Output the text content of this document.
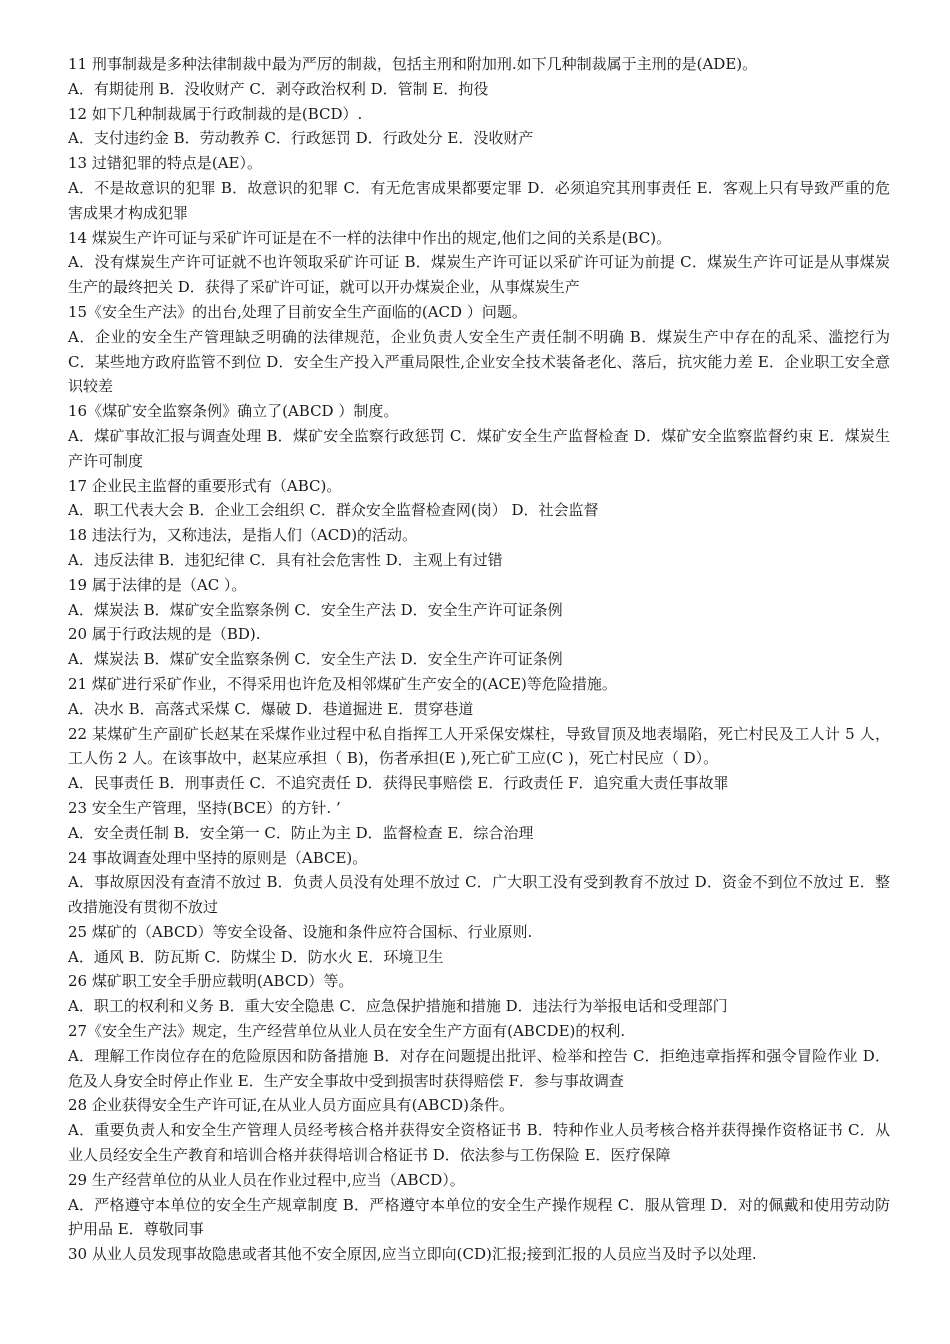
11 刑事制裁是多种法律制裁中最为严厉的制裁，包括主刑和附加刑.如下几种制裁属于主刑的是(ADE)。

A．有期徒刑 B．没收财产 C．剥夺政治权利 D．管制 E．拘役

12 如下几种制裁属于行政制裁的是(BCD）.

A．支付违约金 B．劳动教养 C．行政惩罚 D．行政处分 E．没收财产

13 过错犯罪的特点是(AE）。

A．不是故意识的犯罪 B．故意识的犯罪 C．有无危害成果都要定罪 D．必须追究其刑事责任 E．客观上只有导致严重的危害成果才构成犯罪

14 煤炭生产许可证与采矿许可证是在不一样的法律中作出的规定,他们之间的关系是(BC)。

A．没有煤炭生产许可证就不也许领取采矿许可证 B．煤炭生产许可证以采矿许可证为前提 C．煤炭生产许可证是从事煤炭生产的最终把关 D．获得了采矿许可证，就可以开办煤炭企业，从事煤炭生产

15《安全生产法》的出台,处理了目前安全生产面临的(ACD ）问题。

A．企业的安全生产管理缺乏明确的法律规范，企业负责人安全生产责任制不明确 B．煤炭生产中存在的乱采、滥挖行为 C．某些地方政府监管不到位 D．安全生产投入严重局限性,企业安全技术装备老化、落后，抗灾能力差 E．企业职工安全意识较差

16《煤矿安全监察条例》确立了(ABCD ）制度。

A．煤矿事故汇报与调查处理 B．煤矿安全监察行政惩罚 C．煤矿安全生产监督检查 D．煤矿安全监察监督约束 E．煤炭生产许可制度

17 企业民主监督的重要形式有（ABC)。

A．职工代表大会 B．企业工会组织 C．群众安全监督检查网(岗） D．社会监督

18 违法行为，又称违法，是指人们（ACD)的活动。

A．违反法律 B．违犯纪律 C．具有社会危害性 D．主观上有过错

19 属于法律的是（AC ）。

A．煤炭法 B．煤矿安全监察条例 C．安全生产法 D．安全生产许可证条例

20 属于行政法规的是（BD).

A．煤炭法 B．煤矿安全监察条例 C．安全生产法 D．安全生产许可证条例

21 煤矿进行采矿作业，不得采用也许危及相邻煤矿生产安全的(ACE)等危险措施。

A．决水 B．高落式采煤 C．爆破 D．巷道掘进 E．贯穿巷道

22 某煤矿生产副矿长赵某在采煤作业过程中私自指挥工人开采保安煤柱，导致冒顶及地表塌陷，死亡村民及工人计 5 人，工人伤 2 人。在该事故中，赵某应承担（ B)，伤者承担(E ),死亡矿工应(C )，死亡村民应（ D）。

A．民事责任 B．刑事责任 C．不追究责任 D．获得民事赔偿 E．行政责任 F．追究重大责任事故罪

23 安全生产管理，坚持(BCE）的方针. ’

A．安全责任制 B．安全第一 C．防止为主 D．监督检查 E．综合治理

24 事故调查处理中坚持的原则是（ABCE)。

A．事故原因没有查清不放过 B．负责人员没有处理不放过 C．广大职工没有受到教育不放过 D．资金不到位不放过 E．整改措施没有贯彻不放过

25 煤矿的（ABCD）等安全设备、设施和条件应符合国标、行业原则.

A．通风 B．防瓦斯 C．防煤尘 D．防水火 E．环境卫生

26 煤矿职工安全手册应载明(ABCD）等。

A．职工的权利和义务 B．重大安全隐患 C．应急保护措施和措施 D．违法行为举报电话和受理部门

27《安全生产法》规定，生产经营单位从业人员在安全生产方面有(ABCDE)的权利.

A．理解工作岗位存在的危险原因和防备措施 B．对存在问题提出批评、检举和控告 C．拒绝违章指挥和强令冒险作业 D．危及人身安全时停止作业 E．生产安全事故中受到损害时获得赔偿 F．参与事故调查

28 企业获得安全生产许可证,在从业人员方面应具有(ABCD)条件。

A．重要负责人和安全生产管理人员经考核合格并获得安全资格证书 B．特种作业人员考核合格并获得操作资格证书 C．从业人员经安全生产教育和培训合格并获得培训合格证书 D．依法参与工伤保险 E．医疗保障

29 生产经营单位的从业人员在作业过程中,应当（ABCD）。

A．严格遵守本单位的安全生产规章制度 B．严格遵守本单位的安全生产操作规程 C．服从管理 D．对的佩戴和使用劳动防护用品 E．尊敬同事

30 从业人员发现事故隐患或者其他不安全原因,应当立即向(CD)汇报;接到汇报的人员应当及时予以处理.
